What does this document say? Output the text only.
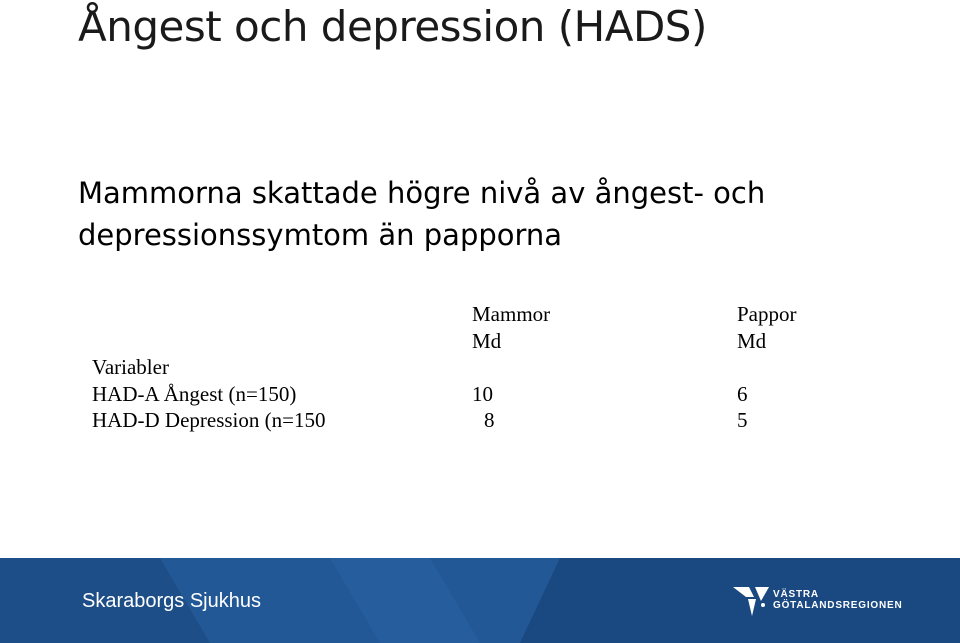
Ångest och depression (HADS)
Mammorna skattade högre nivå av ångest- och
depressionssymtom än papporna
	Mammor	Pappor
	Md	Md
Variabler		
HAD-A Ångest (n=150)	10	6
HAD-D Depression (n=150	8	5
Skaraborgs Sjukhus	VÄSTRA
GÖTALANDSREGIONEN
